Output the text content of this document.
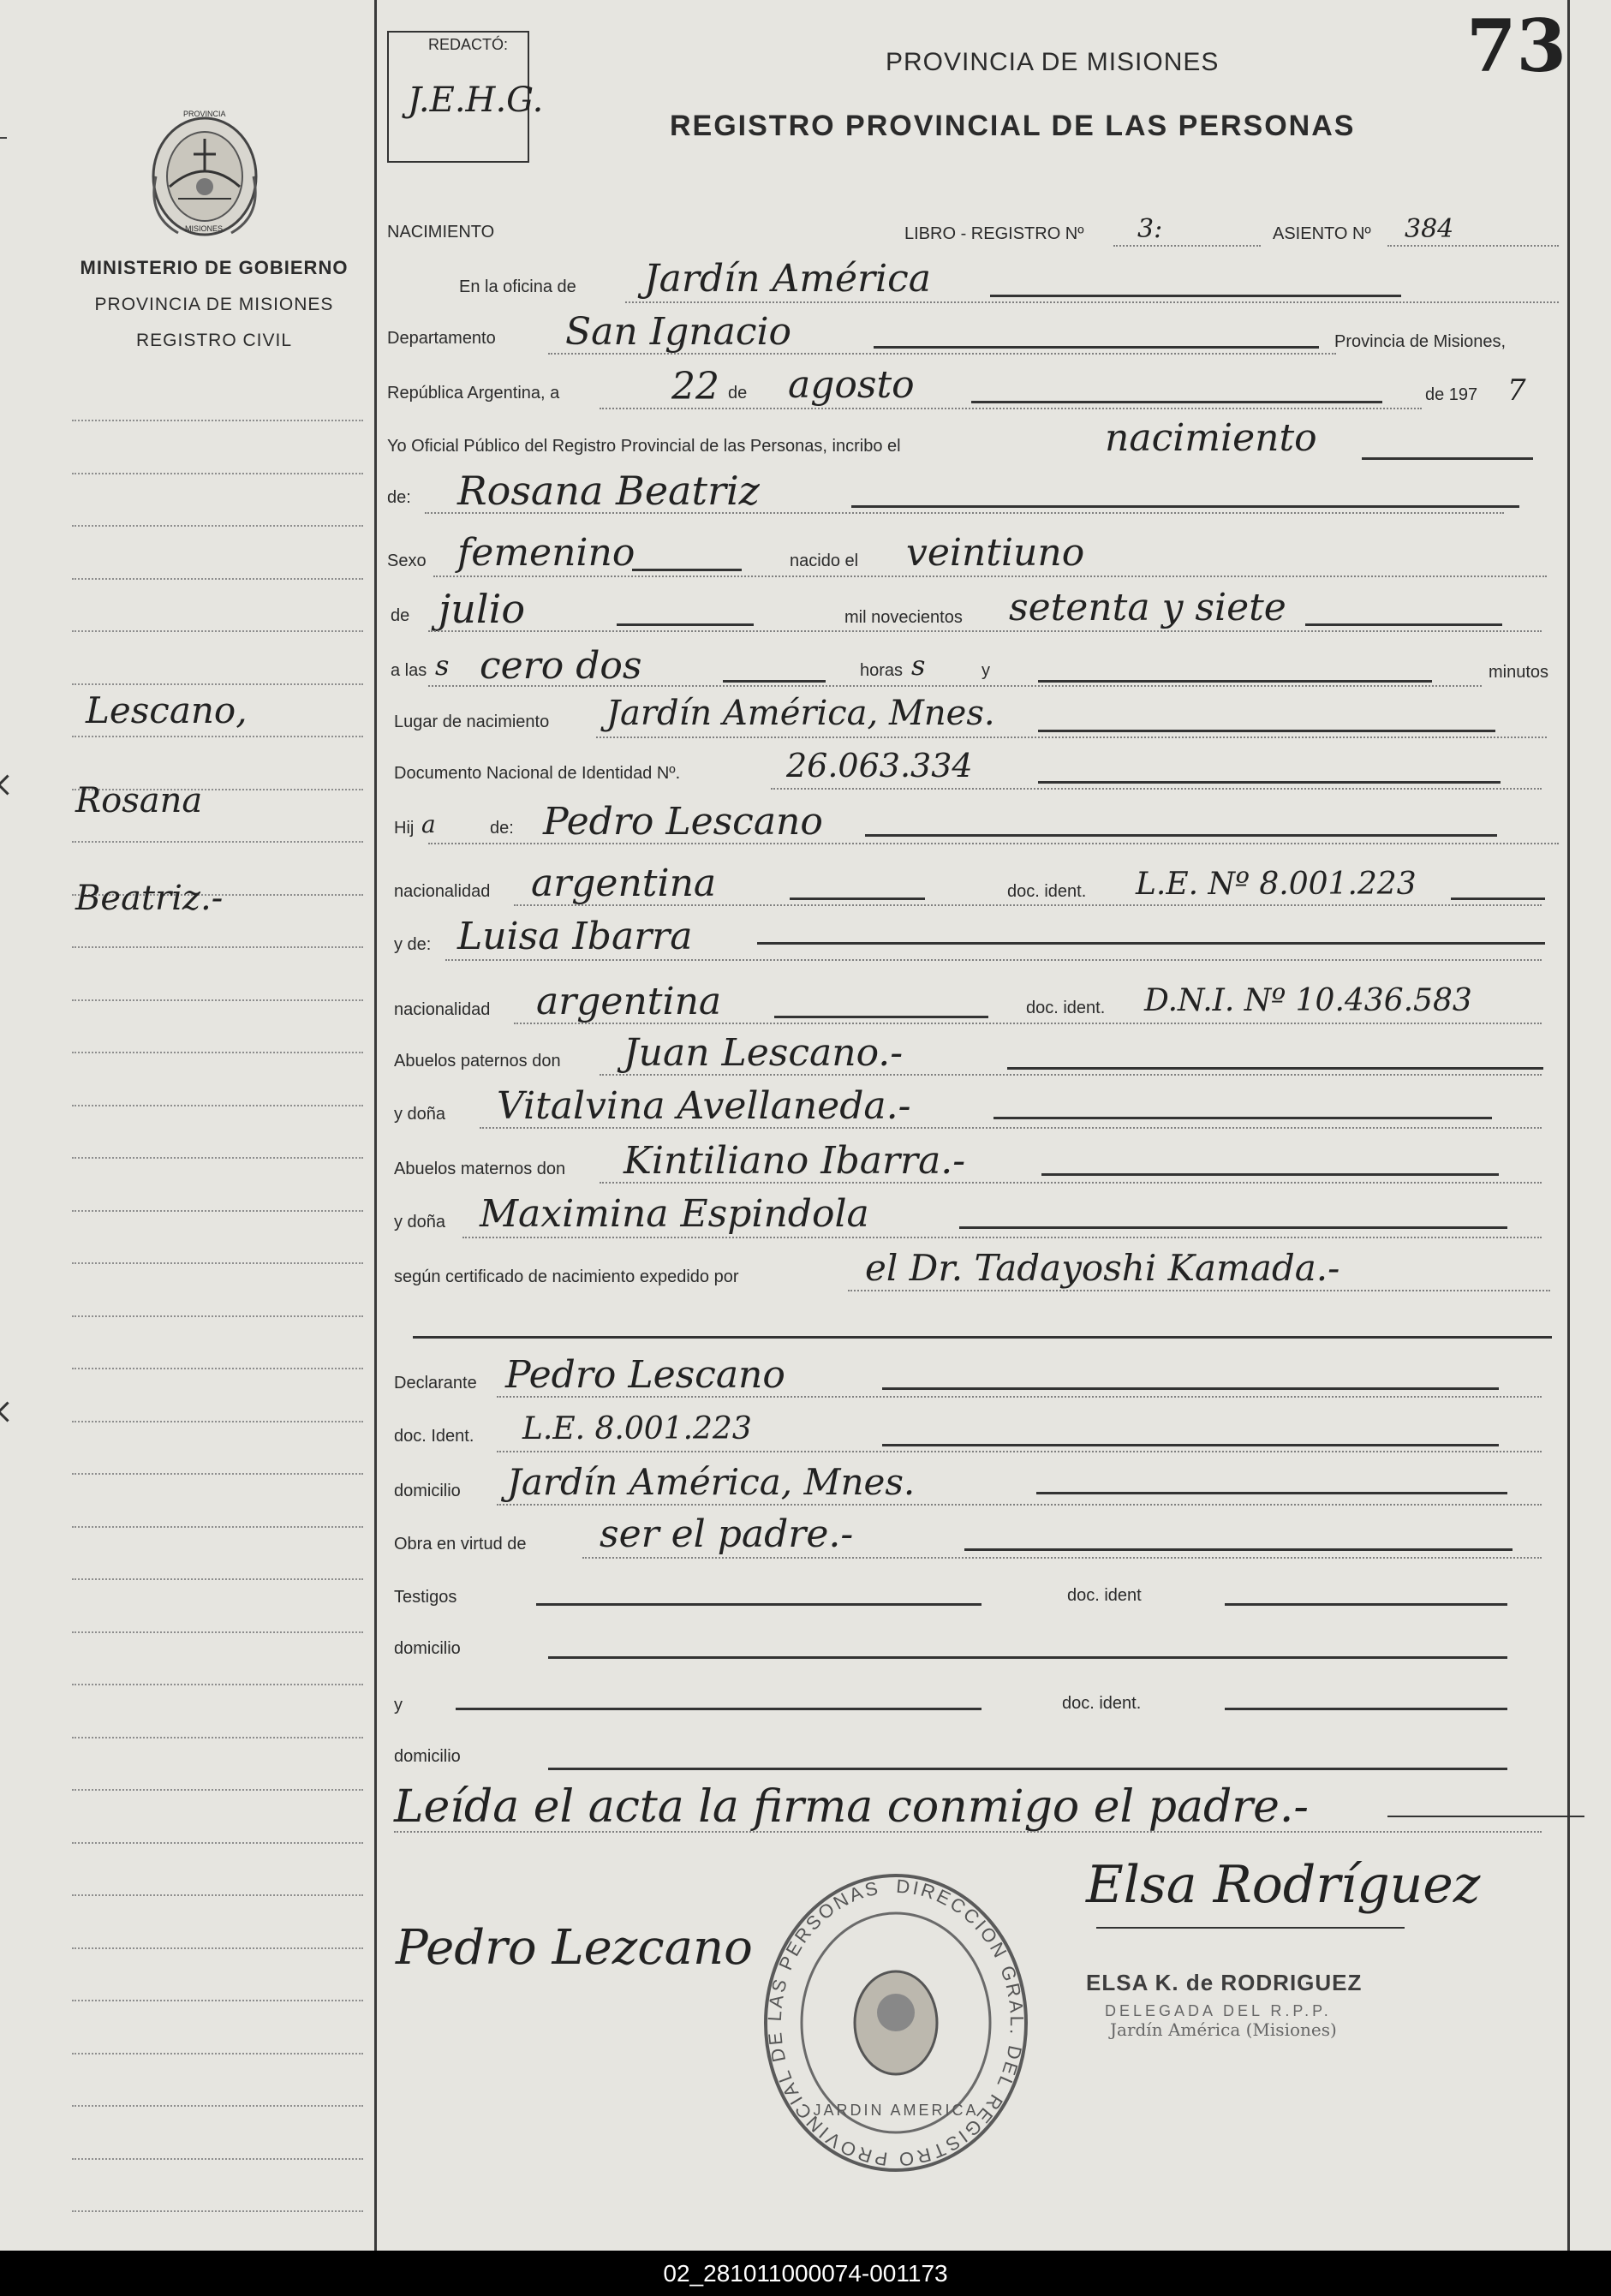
PROVINCIA
MISIONES
MINISTERIO DE GOBIERNO
PROVINCIA DE MISIONES
REGISTRO CIVIL
Lescano,
Rosana
Beatriz.-
REDACTÓ:
J.E.H.G.
PROVINCIA DE MISIONES
REGISTRO PROVINCIAL DE LAS PERSONAS
73
NACIMIENTO	LIBRO - REGISTRO Nº 3:	ASIENTO Nº 384
En la oficina de Jardín América
Departamento San Ignacio	Provincia de Misiones,
República Argentina, a	22 de agosto	de 197 7
Yo Oficial Público del Registro Provincial de las Personas, incribo el	nacimiento
de: Rosana Beatriz
Sexo femenino	nacido el veintiuno
de julio	mil novecientos setenta y siete
a las s cero dos	horas s	y	minutos
Lugar de nacimiento Jardín América, Mnes.
Documento Nacional de Identidad Nº.	26.063.334
Hij a	de: Pedro Lescano
nacionalidad argentina	doc. ident. L.E. Nº 8.001.223
y de: Luisa Ibarra
nacionalidad argentina	doc. ident. D.N.I. Nº 10.436.583
Abuelos paternos don Juan Lescano.-
y doña Vitalvina Avellaneda.-
Abuelos maternos don Kintiliano Ibarra.-
y doña Maximina Espindola
según certificado de nacimiento expedido por	el Dr. Tadayoshi Kamada.-
Declarante Pedro Lescano
doc. Ident. L.E. 8.001.223
domicilio Jardín América, Mnes.
Obra en virtud de ser el padre.-
Testigos	doc. ident
domicilio
y	doc. ident.
domicilio
Leída el acta la firma conmigo el padre.-
Pedro Lezcano
Elsa Rodríguez
ELSA K. de RODRIGUEZ
DELEGADA DEL R.P.P.
Jardín América (Misiones)
DIRECCION GRAL. DEL REGISTRO PROVINCIAL DE LAS PERSONAS
JARDIN AMERICA
02_281011000074-001173
